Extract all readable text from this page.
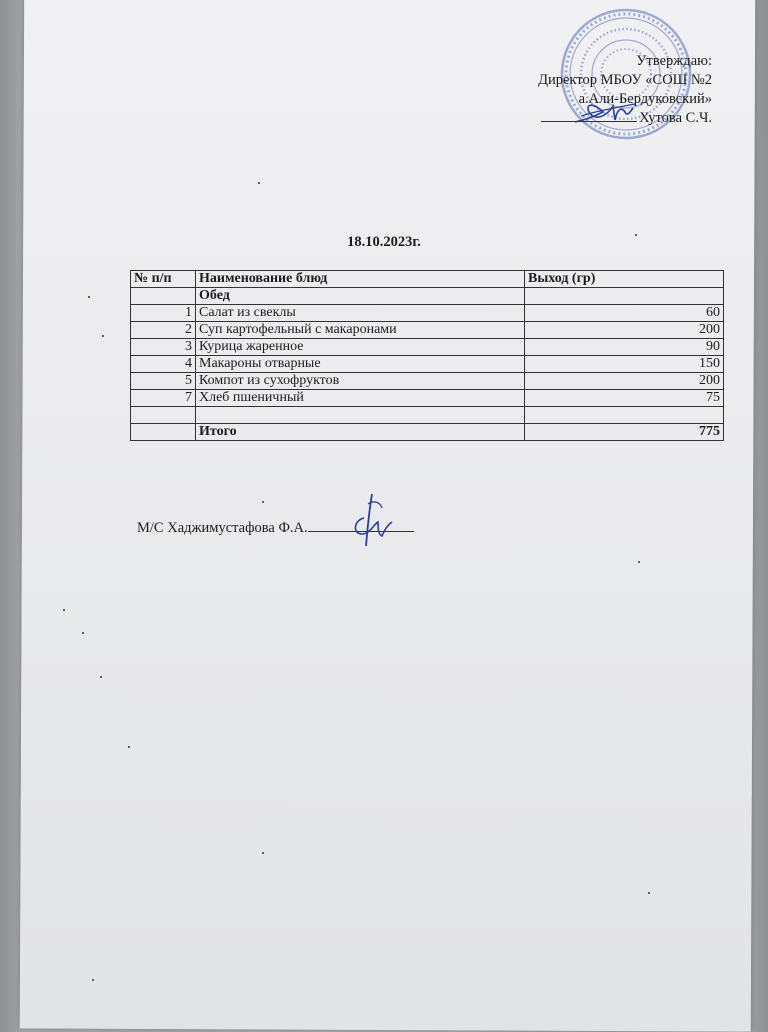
Утверждаю:
Директор МБОУ «СОШ №2
а.Али-Бердуковский»
Хутова С.Ч.
18.10.2023г.
№ п/п	Наименование блюд	Выход (гр)
	Обед	
1	Салат из свеклы	60
2	Суп картофельный с макаронами	200
3	Курица жаренное	90
4	Макароны отварные	150
5	Компот из сухофруктов	200
7	Хлеб пшеничный	75

	Итого	775
М/С Хаджимустафова Ф.А.
